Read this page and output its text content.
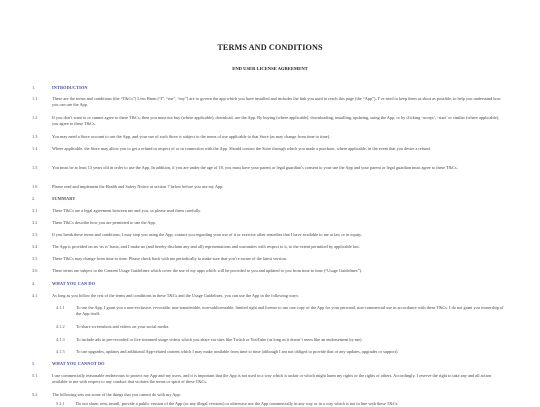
TERMS AND CONDITIONS
END USER LICENSE AGREEMENT
1.	INTRODUCTION
1.1	These are the terms and conditions (the “T&Cs”) Lvm Hmm (“I”, “me”, “my”) are to govern the app which you have installed and includes the link you used to reach this page (the “App”). I’ve tried to keep them as short as possible, to help you understand how you can use the App.
1.2	If you don’t want to or cannot agree to these T&Cs, then you must not buy (where applicable), download, use the App. By buying (where applicable), downloading, installing, updating, using the App, or by clicking ‘accept’, ‘start’ or similar (where applicable), you agree to these T&Cs.
1.3	You may need a Store account to use the App, and your use of such Store is subject to the terms of use applicable to that Store (as may change from time to time).
1.4	Where applicable, the Store may allow you to get a refund in respect of or in connection with the App. Should contact the Store through which you made a purchase, where applicable, in the event that you desire a refund.
1.5	You must be at least 13 years old in order to use the App. In addition, if you are under the age of 18, you must have your parent or legal guardian’s consent to your use the App and your parent or legal guardian must agree to these T&Cs.
1.6	Please read and implement the Health and Safety Notice at section 7 below before you use my App.
2.	SUMMARY
3.1	These T&Cs are a legal agreement between me and you, so please read them carefully.
3.2	These T&Cs describe how you are permitted to use the App.
3.3	If you break these terms and conditions, I may stop you using the App, contact you regarding your use of it or exercise other remedies that I have available to me at law or in equity.
3.4	The App is provided on an ‘as is’ basis, and I make no (and hereby disclaim any and all) representations and warranties with respect to it, to the extent permitted by applicable law.
3.5	These T&Cs may change from time to time. Please check back with me periodically to make sure that you’re aware of the latest version.
3.6	These terms are subject to the Content Usage Guidelines which cover the use of my apps which will be provided to you and updated to you from time to time (“Usage Guidelines”).
4.	WHAT YOU CAN DO
4.1	As long as you follow the rest of the terms and conditions in these T&Cs and the Usage Guidelines, you can use the App in the following ways:
4.1.1	To use the App. I grant you a non-exclusive, revocable, non-transferable, non-sublicensable, limited right and license to use one copy of the App for your personal, non-commercial use in accordance with these T&Cs. I do not grant you ownership of the App itself.
4.1.2	To share screenshots and videos on your social media.
4.1.3	To include ads in pre-recorded or live streamed usage videos which you share via sites like Twitch or YouTube (as long as it doesn’t seem like an endorsement by me).
4.1.5	To use upgrades, updates and additional App-related content which I may make available from time to time (although I am not obliged to provide that or any updates, upgrades or support).
5.	WHAT YOU CANNOT DO
5.1	I use commercially reasonable endeavours to protect my App and my users, and it is important that the App is not used in a way which is unfair or which might harm my rights or the rights of others. Accordingly, I reserve the right to take any and all action available to me with respect to any conduct that violates the terms or spirit of these T&Cs.
5.2	The following sets out some of the things that you cannot do with my App:
5.2.1	Do not share, rent, install, provide a public version of the App (or any illegal versions) or otherwise use the App commercially in any way or in a way which is not in line with these T&Cs.
